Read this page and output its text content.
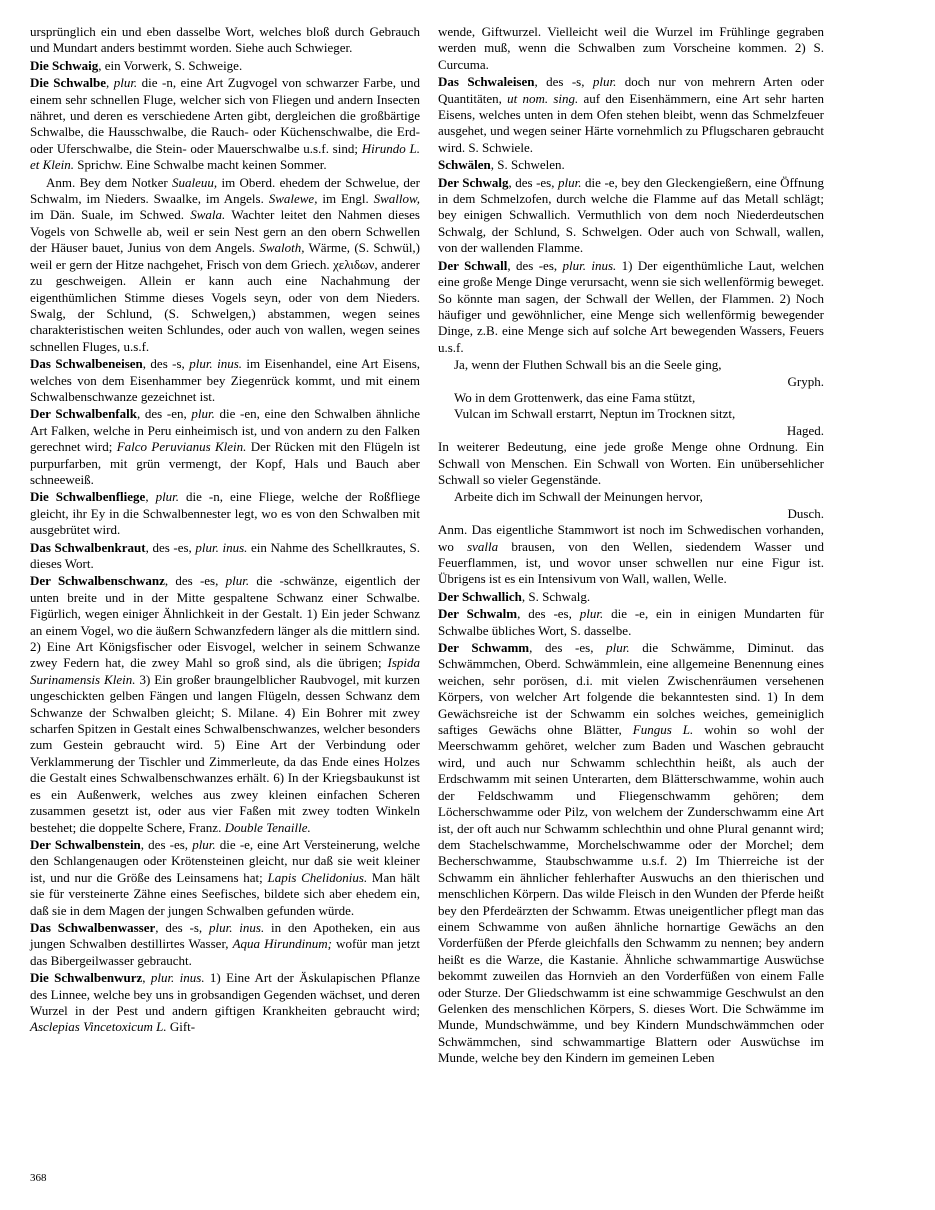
ursprünglich ein und eben dasselbe Wort, welches bloß durch Gebrauch und Mundart anders bestimmt worden. Siehe auch Schwieger.
Die Schwaig, ein Vorwerk, S. Schweige.
Die Schwalbe, plur. die -n, eine Art Zugvogel von schwarzer Farbe, und einem sehr schnellen Fluge, welcher sich von Fliegen und andern Insecten nähret, und deren es verschiedene Arten gibt, dergleichen die großbärtige Schwalbe, die Hausschwalbe, die Rauch- oder Küchenschwalbe, die Erd- oder Uferschwalbe, die Stein- oder Mauerschwalbe u.s.f. sind; Hirundo L. et Klein. Sprichw. Eine Schwalbe macht keinen Sommer.
Anm. Bey dem Notker Sualeuu, im Oberd. ehedem der Schwelue, der Schwalm, im Nieders. Swaalke, im Angels. Swalewe, im Engl. Swallow, im Dän. Suale, im Schwed. Swala. Wachter leitet den Nahmen dieses Vogels von Schwelle ab, weil er sein Nest gern an den obern Schwellen der Häuser bauet, Junius von dem Angels. Swaloth, Wärme, (S. Schwül,) weil er gern der Hitze nachgehet, Frisch von dem Griech. χελιδων, anderer zu geschweigen. Allein er kann auch eine Nachahmung der eigenthümlichen Stimme dieses Vogels seyn, oder von dem Nieders. Swalg, der Schlund, (S. Schwelgen,) abstammen, wegen seines charakteristischen weiten Schlundes, oder auch von wallen, wegen seines schnellen Fluges, u.s.f.
Das Schwalbeneisen, des -s, plur. inus. im Eisenhandel, eine Art Eisens, welches von dem Eisenhammer bey Ziegenrück kommt, und mit einem Schwalbenschwanze gezeichnet ist.
Der Schwalbenfalk, des -en, plur. die -en, eine den Schwalben ähnliche Art Falken, welche in Peru einheimisch ist, und von andern zu den Falken gerechnet wird; Falco Peruvianus Klein. Der Rücken mit den Flügeln ist purpurfarben, mit grün vermengt, der Kopf, Hals und Bauch aber schneeweiß.
Die Schwalbenfliege, plur. die -n, eine Fliege, welche der Roßfliege gleicht, ihr Ey in die Schwalbennester legt, wo es von den Schwalben mit ausgebrütet wird.
Das Schwalbenkraut, des -es, plur. inus. ein Nahme des Schellkrautes, S. dieses Wort.
Der Schwalbenschwanz, des -es, plur. die -schwänze, eigentlich der unten breite und in der Mitte gespaltene Schwanz einer Schwalbe. Figürlich, wegen einiger Ähnlichkeit in der Gestalt. 1) Ein jeder Schwanz an einem Vogel, wo die äußern Schwanzfedern länger als die mittlern sind. 2) Eine Art Königsfischer oder Eisvogel, welcher in seinem Schwanze zwey Federn hat, die zwey Mahl so groß sind, als die übrigen; Ispida Surinamensis Klein. 3) Ein großer braungelblicher Raubvogel, mit kurzen ungeschickten gelben Fängen und langen Flügeln, dessen Schwanz dem Schwanze der Schwalben gleicht; S. Milane. 4) Ein Bohrer mit zwey scharfen Spitzen in Gestalt eines Schwalbenschwanzes, welcher besonders zum Gestein gebraucht wird. 5) Eine Art der Verbindung oder Verklammerung der Tischler und Zimmerleute, da das Ende eines Holzes die Gestalt eines Schwalbenschwanzes erhält. 6) In der Kriegsbaukunst ist es ein Außenwerk, welches aus zwey kleinen einfachen Scheren zusammen gesetzt ist, oder aus vier Faßen mit zwey todten Winkeln bestehet; die doppelte Schere, Franz. Double Tenaille.
Der Schwalbenstein, des -es, plur. die -e, eine Art Versteinerung, welche den Schlangenaugen oder Krötensteinen gleicht, nur daß sie weit kleiner ist, und nur die Größe des Leinsamens hat; Lapis Chelidonius. Man hält sie für versteinerte Zähne eines Seefisches, bildete sich aber ehedem ein, daß sie in dem Magen der jungen Schwalben gefunden würde.
Das Schwalbenwasser, des -s, plur. inus. in den Apotheken, ein aus jungen Schwalben destillirtes Wasser, Aqua Hirundinum; wofür man jetzt das Bibergeilwasser gebraucht.
Die Schwalbenwurz, plur. inus. 1) Eine Art der Äskulapischen Pflanze des Linnee, welche bey uns in grobsandigen Gegenden wächset, und deren Wurzel in der Pest und andern giftigen Krankheiten gebraucht wird; Asclepias Vincetoxicum L. Gift-
wende, Giftwurzel. Vielleicht weil die Wurzel im Frühlinge gegraben werden muß, wenn die Schwalben zum Vorscheine kommen. 2) S. Curcuma.
Das Schwaleisen, des -s, plur. doch nur von mehrern Arten oder Quantitäten, ut nom. sing. auf den Eisenhämmern, eine Art sehr harten Eisens, welches unten in dem Ofen stehen bleibt, wenn das Schmelzfeuer ausgehet, und wegen seiner Härte vornehmlich zu Pflugscharen gebraucht wird. S. Schwiele.
Schwälen, S. Schwelen.
Der Schwalg, des -es, plur. die -e, bey den Gleckengießern, eine Öffnung in dem Schmelzofen, durch welche die Flamme auf das Metall schlägt; bey einigen Schwallich. Vermuthlich von dem noch Niederdeutschen Schwalg, der Schlund, S. Schwelgen. Oder auch von Schwall, wallen, von der wallenden Flamme.
Der Schwall, des -es, plur. inus. 1) Der eigenthümliche Laut, welchen eine große Menge Dinge verursacht, wenn sie sich wellenförmig beweget. So könnte man sagen, der Schwall der Wellen, der Flammen. 2) Noch häufiger und gewöhnlicher, eine Menge sich wellenförmig bewegender Dinge, z.B. eine Menge sich auf solche Art bewegenden Wassers, Feuers u.s.f.
Ja, wenn der Fluthen Schwall bis an die Seele ging,
Gryph.
Wo in dem Grottenwerk, das eine Fama stützt,
Vulcan im Schwall erstarrt, Neptun im Trocknen sitzt,
Haged.
In weiterer Bedeutung, eine jede große Menge ohne Ordnung. Ein Schwall von Menschen. Ein Schwall von Worten. Ein unübersehlicher Schwall so vieler Gegenstände.
Arbeite dich im Schwall der Meinungen hervor,
Dusch.
Anm. Das eigentliche Stammwort ist noch im Schwedischen vorhanden, wo svalla brausen, von den Wellen, siedendem Wasser und Feuerflammen, ist, und wovor unser schwellen nur eine Figur ist. Übrigens ist es ein Intensivum von Wall, wallen, Welle.
Der Schwallich, S. Schwalg.
Der Schwalm, des -es, plur. die -e, ein in einigen Mundarten für Schwalbe übliches Wort, S. dasselbe.
Der Schwamm, des -es, plur. die Schwämme, Diminut. das Schwämmchen, Oberd. Schwämmlein, eine allgemeine Benennung eines weichen, sehr porösen, d.i. mit vielen Zwischenräumen versehenen Körpers, von welcher Art folgende die bekanntesten sind. 1) In dem Gewächsreiche ist der Schwamm ein solches weiches, gemeiniglich saftiges Gewächs ohne Blätter, Fungus L. wohin so wohl der Meerschwamm gehöret, welcher zum Baden und Waschen gebraucht wird, und auch nur Schwamm schlechthin heißt, als auch der Erdschwamm mit seinen Unterarten, dem Blätterschwamme, wohin auch der Feldschwamm und Fliegenschwamm gehören; dem Löcherschwamme oder Pilz, von welchem der Zunderschwamm eine Art ist, der oft auch nur Schwamm schlechthin und ohne Plural genannt wird; dem Stachelschwamme, Morchelschwamme oder der Morchel; dem Becherschwamme, Staubschwamme u.s.f. 2) Im Thierreiche ist der Schwamm ein ähnlicher fehlerhafter Auswuchs an den thierischen und menschlichen Körpern. Das wilde Fleisch in den Wunden der Pferde heißt bey den Pferdeärzten der Schwamm. Etwas uneigentlicher pflegt man das einem Schwamme von außen ähnliche hornartige Gewächs an den Vorderfüßen der Pferde gleichfalls den Schwamm zu nennen; bey andern heißt es die Warze, die Kastanie. Ähnliche schwammartige Auswüchse bekommt zuweilen das Hornvieh an den Vorderfüßen von einem Falle oder Sturze. Der Gliedschwamm ist eine schwammige Geschwulst an den Gelenken des menschlichen Körpers, S. dieses Wort. Die Schwämme im Munde, Mundschwämme, und bey Kindern Mundschwämmchen oder Schwämmchen, sind schwammartige Blattern oder Auswüchse im Munde, welche bey den Kindern im gemeinen Leben
368
